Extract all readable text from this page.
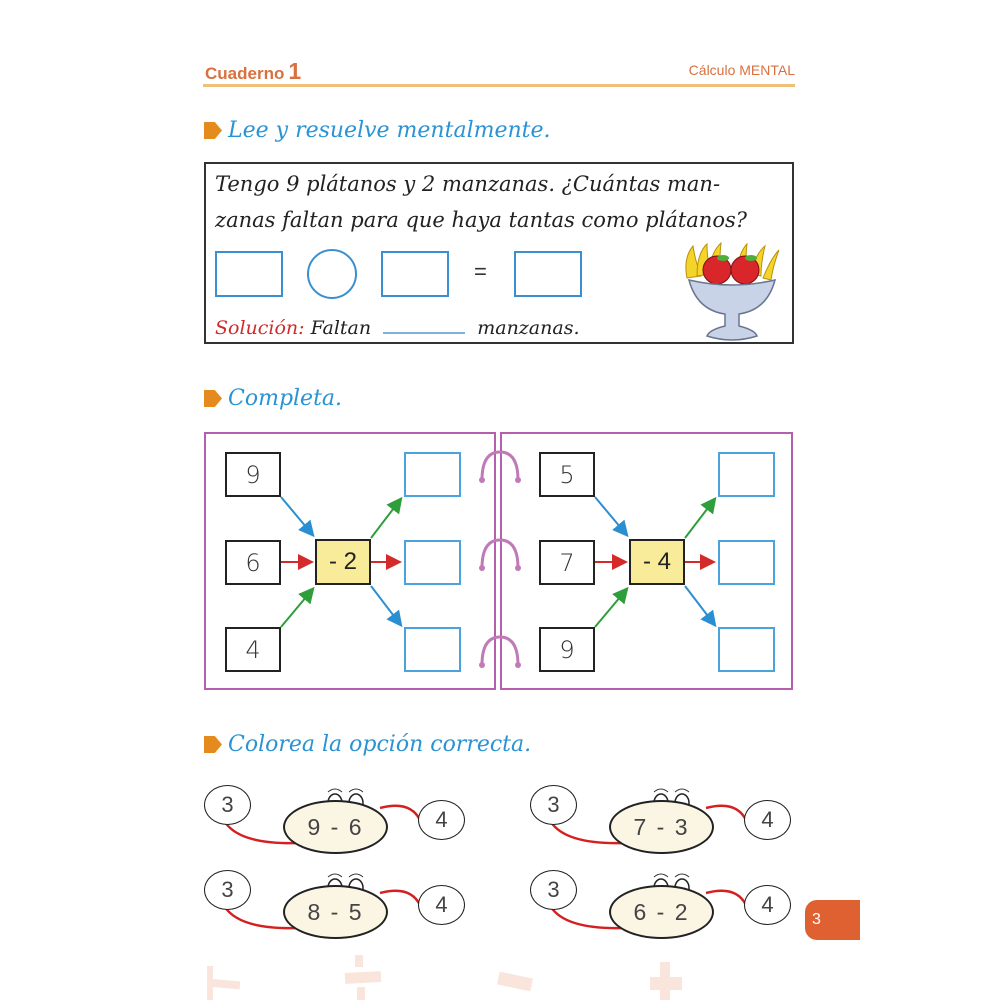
Cuaderno 1	Cálculo MENTAL
Lee y resuelve mentalmente.
Tengo 9 plátanos y 2 manzanas. ¿Cuántas man-
zanas faltan para que haya tantas como plátanos?
=
Solución: Faltan	manzanas.
Completa.
9
6
4
- 2
5
7
9
- 4
Colorea la opción correcta.
3
9 - 6	4
3
7 - 3	4
3
8 - 5	4
3
6 - 2	4
3
